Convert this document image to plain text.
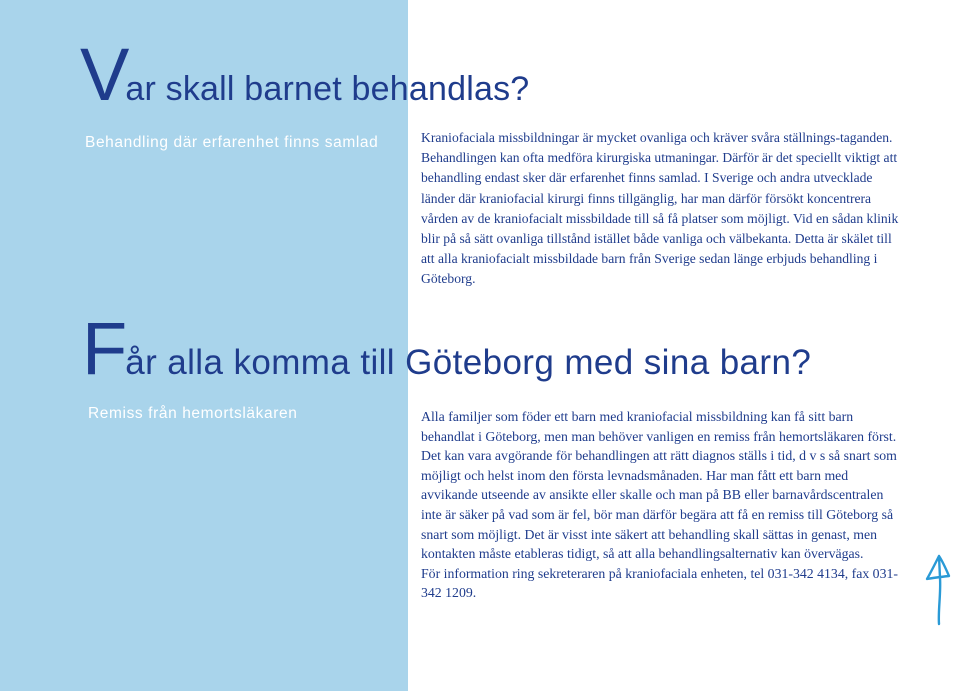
Var skall barnet behandlas?
Behandling där erfarenhet finns samlad	Kraniofaciala missbildningar är mycket ovanliga och kräver svåra ställnings-taganden. Behandlingen kan ofta medföra kirurgiska utmaningar. Därför är det speciellt viktigt att behandling endast sker där erfarenhet finns samlad. I Sverige och andra utvecklade länder där kraniofacial kirurgi finns tillgänglig, har man därför försökt koncentrera vården av de kraniofacialt missbildade till så få platser som möjligt. Vid en sådan klinik blir på så sätt ovanliga tillstånd istället både vanliga och välbekanta. Detta är skälet till att alla kraniofacialt missbildade barn från Sverige sedan länge erbjuds behandling i Göteborg.

Får alla komma till Göteborg med sina barn?
Remiss från hemortsläkaren	Alla familjer som föder ett barn med kraniofacial missbildning kan få sitt barn behandlat i Göteborg, men man behöver vanligen en remiss från hemortsläkaren först. Det kan vara avgörande för behandlingen att rätt diagnos ställs i tid, d v s så snart som möjligt och helst inom den första levnadsmånaden. Har man fått ett barn med avvikande utseende av ansikte eller skalle och man på BB eller barnavårdscentralen inte är säker på vad som är fel, bör man därför begära att få en remiss till Göteborg så snart som möjligt. Det är visst inte säkert att behandling skall sättas in genast, men kontakten måste etableras tidigt, så att alla behandlingsalternativ kan övervägas.

För information ring sekreteraren på kraniofaciala enheten, tel 031-342 4134, fax 031-342 1209.
